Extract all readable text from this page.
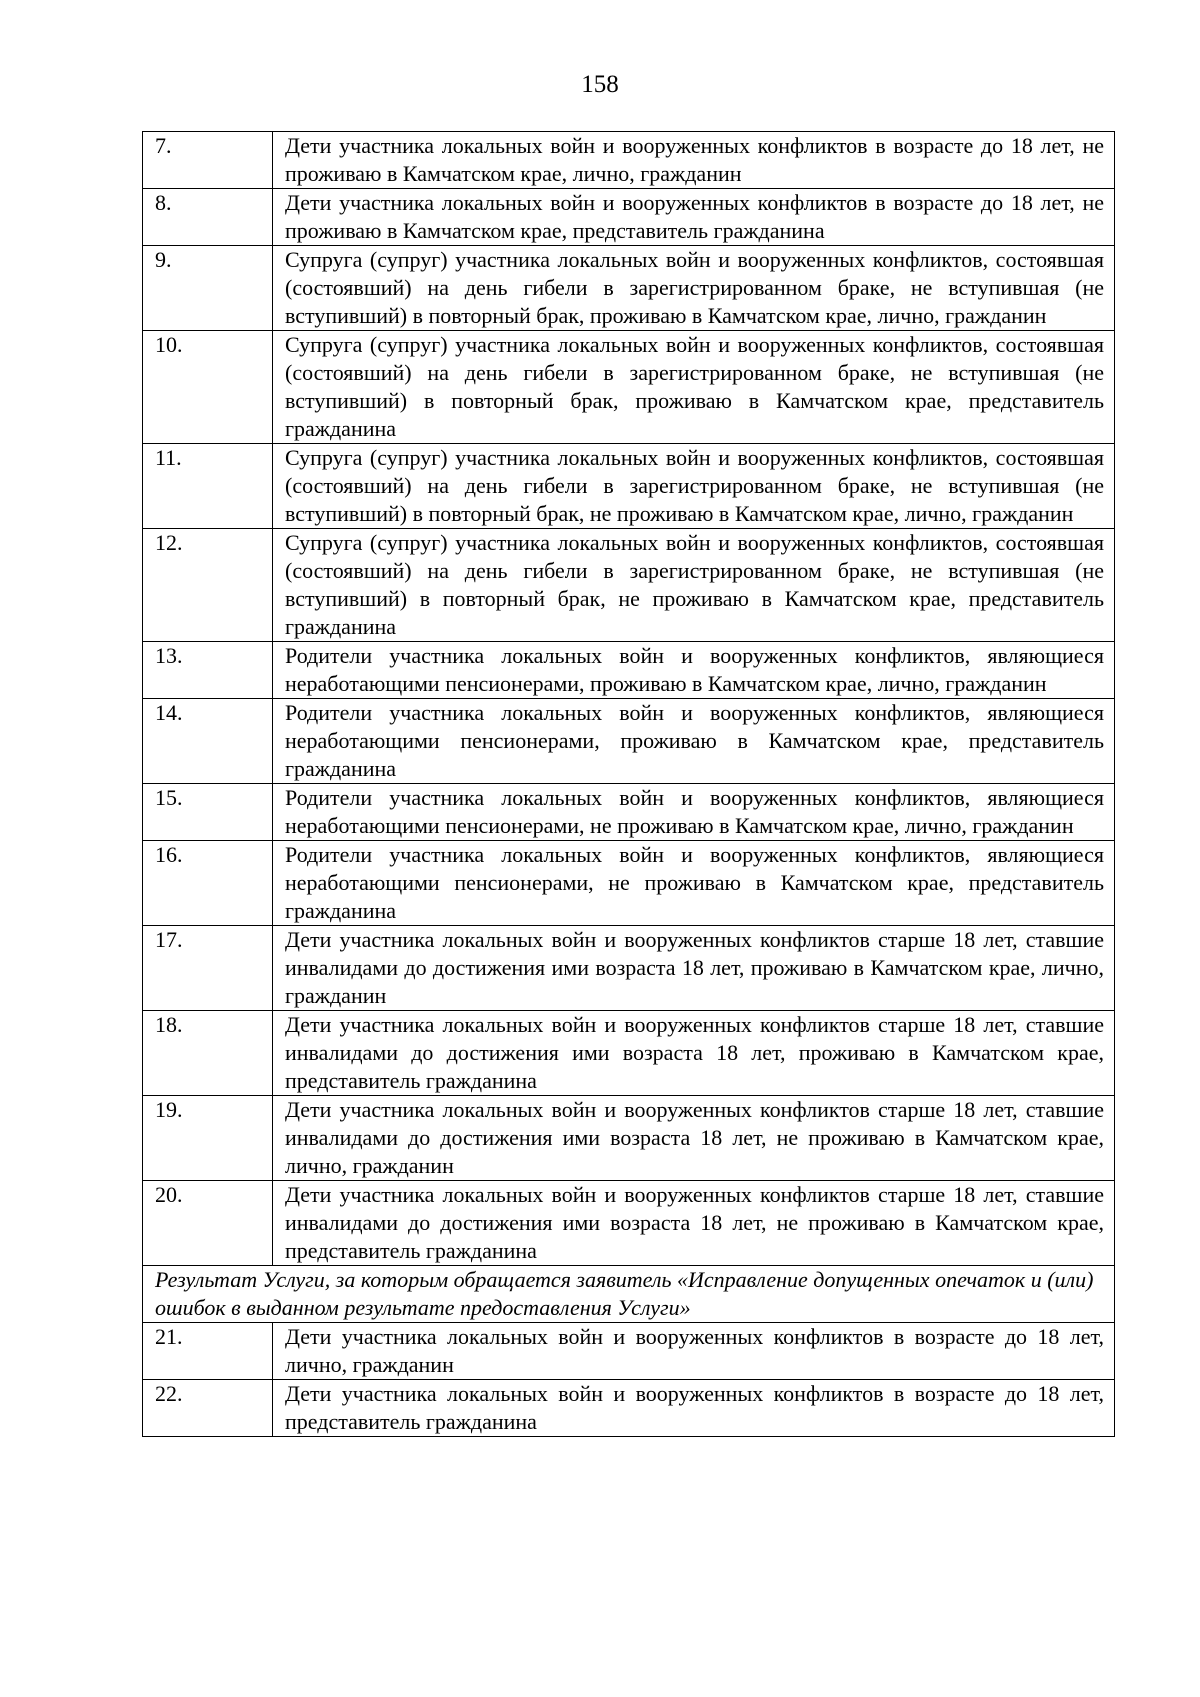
158
7.	Дети участника локальных войн и вооруженных конфликтов в возрасте до 18 лет, не проживаю в Камчатском крае, лично, гражданин
8.	Дети участника локальных войн и вооруженных конфликтов в возрасте до 18 лет, не проживаю в Камчатском крае, представитель гражданина
9.	Супруга (супруг) участника локальных войн и вооруженных конфликтов, состоявшая (состоявший) на день гибели в зарегистрированном браке, не вступившая (не вступивший) в повторный брак, проживаю в Камчатском крае, лично, гражданин
10.	Супруга (супруг) участника локальных войн и вооруженных конфликтов, состоявшая (состоявший) на день гибели в зарегистрированном браке, не вступившая (не вступивший) в повторный брак, проживаю в Камчатском крае, представитель гражданина
11.	Супруга (супруг) участника локальных войн и вооруженных конфликтов, состоявшая (состоявший) на день гибели в зарегистрированном браке, не вступившая (не вступивший) в повторный брак, не проживаю в Камчатском крае, лично, гражданин
12.	Супруга (супруг) участника локальных войн и вооруженных конфликтов, состоявшая (состоявший) на день гибели в зарегистрированном браке, не вступившая (не вступивший) в повторный брак, не проживаю в Камчатском крае, представитель гражданина
13.	Родители участника локальных войн и вооруженных конфликтов, являющиеся неработающими пенсионерами, проживаю в Камчатском крае, лично, гражданин
14.	Родители участника локальных войн и вооруженных конфликтов, являющиеся неработающими пенсионерами, проживаю в Камчатском крае, представитель гражданина
15.	Родители участника локальных войн и вооруженных конфликтов, являющиеся неработающими пенсионерами, не проживаю в Камчатском крае, лично, гражданин
16.	Родители участника локальных войн и вооруженных конфликтов, являющиеся неработающими пенсионерами, не проживаю в Камчатском крае, представитель гражданина
17.	Дети участника локальных войн и вооруженных конфликтов старше 18 лет, ставшие инвалидами до достижения ими возраста 18 лет, проживаю в Камчатском крае, лично, гражданин
18.	Дети участника локальных войн и вооруженных конфликтов старше 18 лет, ставшие инвалидами до достижения ими возраста 18 лет, проживаю в Камчатском крае, представитель гражданина
19.	Дети участника локальных войн и вооруженных конфликтов старше 18 лет, ставшие инвалидами до достижения ими возраста 18 лет, не проживаю в Камчатском крае, лично, гражданин
20.	Дети участника локальных войн и вооруженных конфликтов старше 18 лет, ставшие инвалидами до достижения ими возраста 18 лет, не проживаю в Камчатском крае, представитель гражданина
Результат Услуги, за которым обращается заявитель «Исправление допущенных опечаток и (или) ошибок в выданном результате предоставления Услуги»	
21.	Дети участника локальных войн и вооруженных конфликтов в возрасте до 18 лет, лично, гражданин
22.	Дети участника локальных войн и вооруженных конфликтов в возрасте до 18 лет, представитель гражданина
